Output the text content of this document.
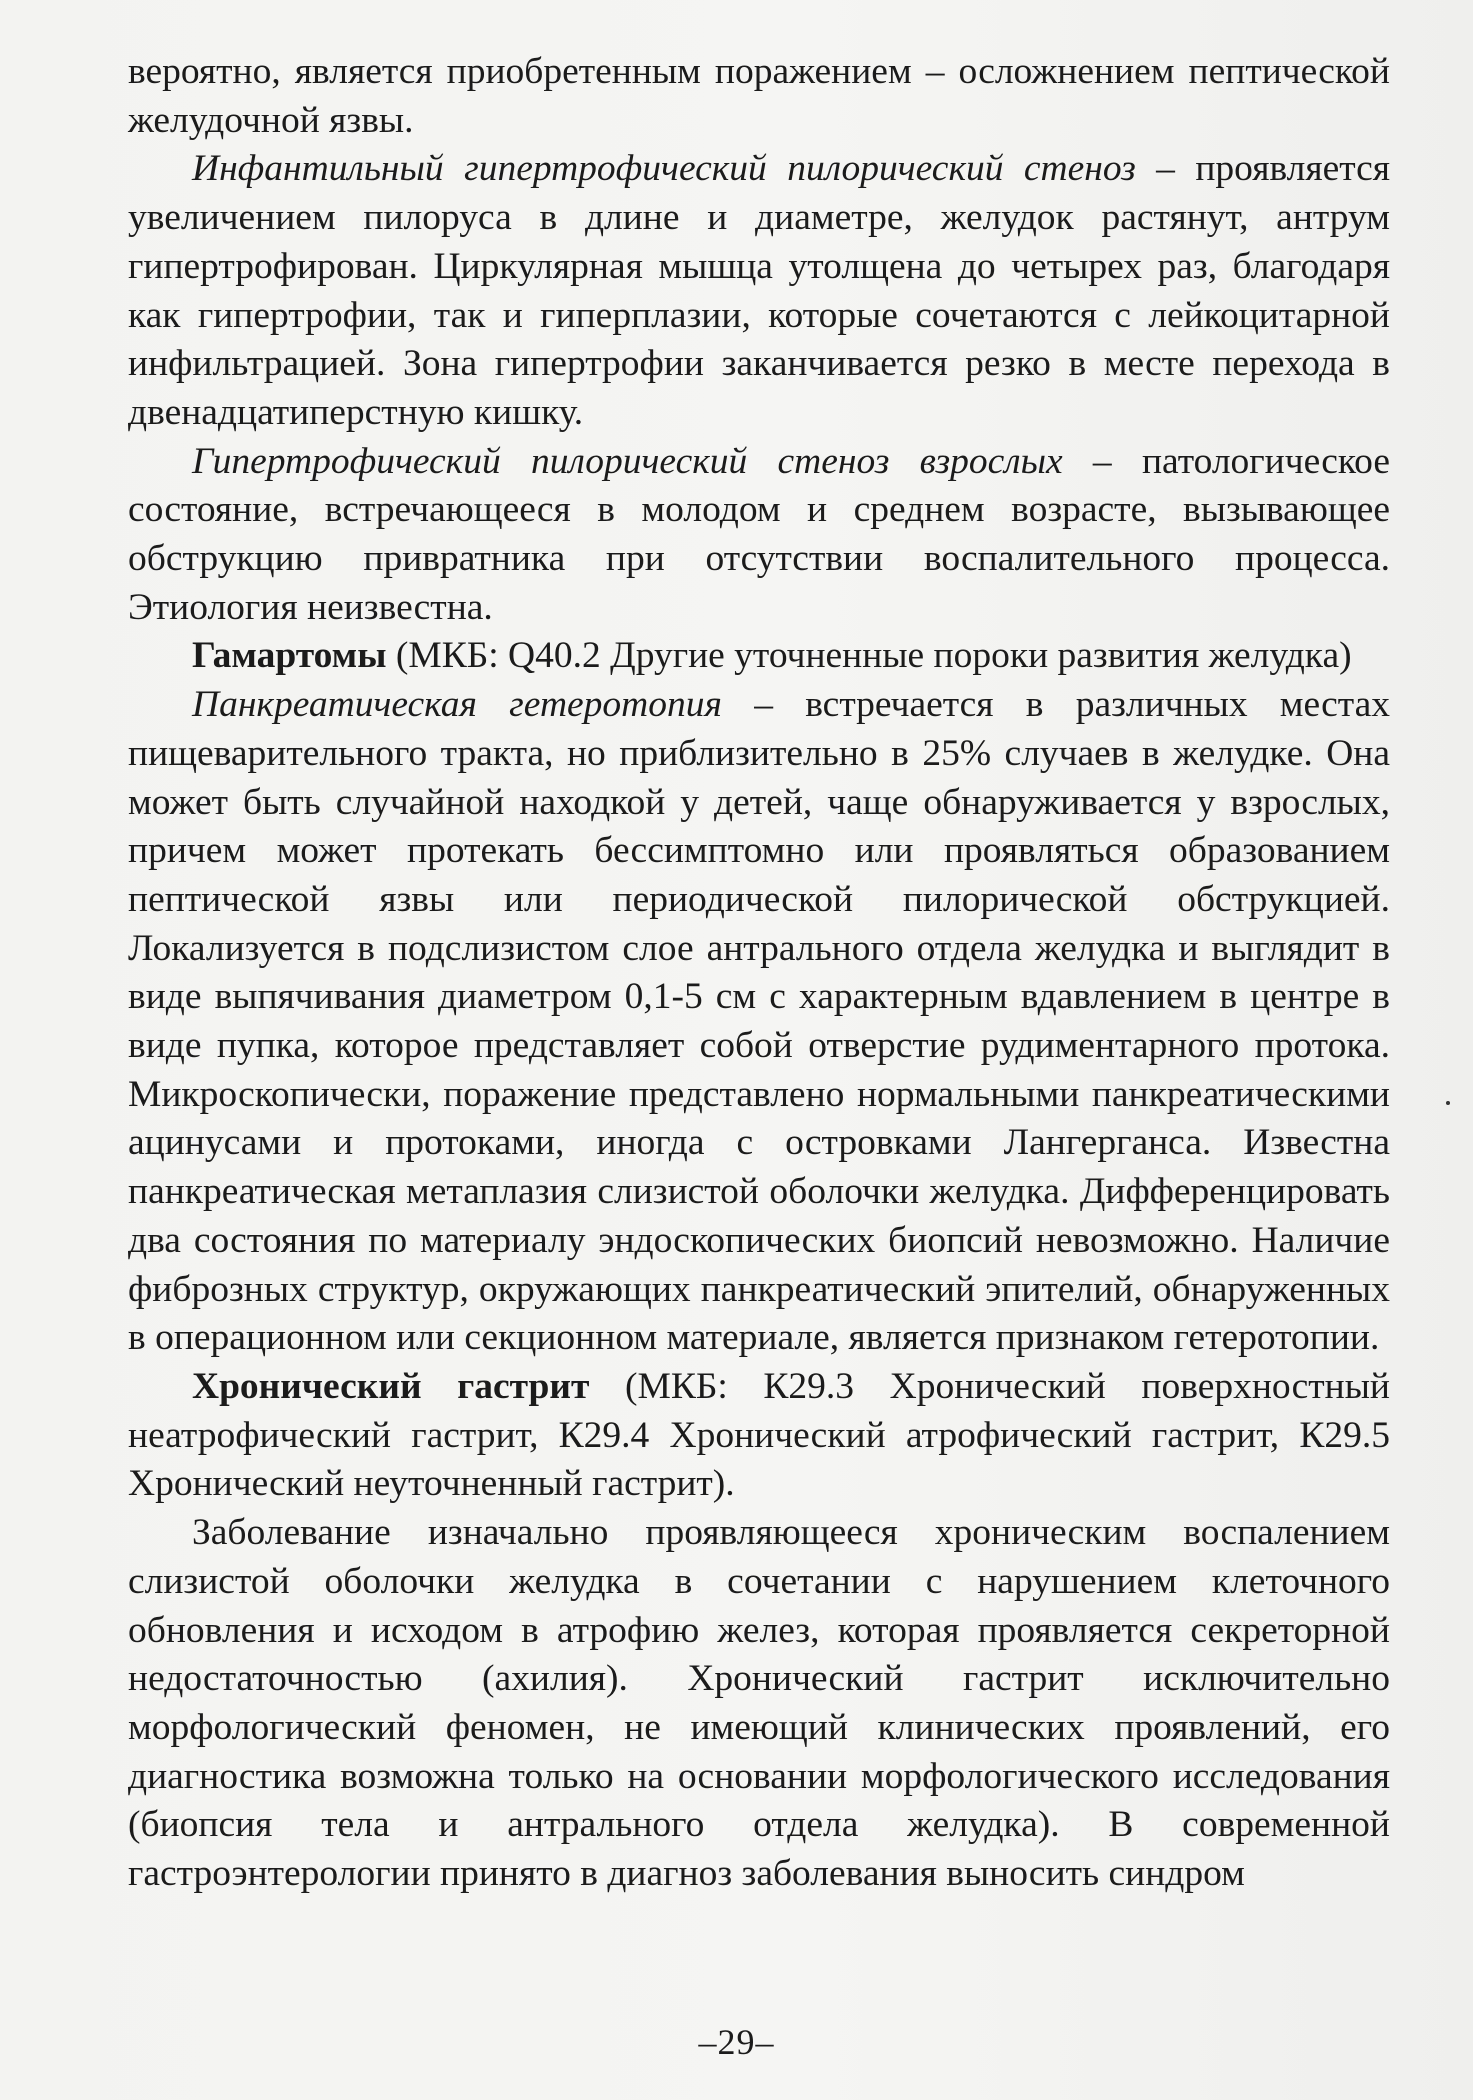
вероятно, является приобретенным поражением – осложнением пептической желудочной язвы.

Инфантильный гипертрофический пилорический стеноз – проявляется увеличением пилоруса в длине и диаметре, желудок растянут, антрум гипертрофирован. Циркулярная мышца утолщена до четырех раз, благодаря как гипертрофии, так и гиперплазии, которые сочетаются с лейкоцитарной инфильтрацией. Зона гипертрофии заканчивается резко в месте перехода в двенадцатиперстную кишку.

Гипертрофический пилорический стеноз взрослых – патологическое состояние, встречающееся в молодом и среднем возрасте, вызывающее обструкцию привратника при отсутствии воспалительного процесса. Этиология неизвестна.

Гамартомы (МКБ: Q40.2 Другие уточненные пороки развития желудка)

Панкреатическая гетеротопия – встречается в различных местах пищеварительного тракта, но приблизительно в 25% случаев в желудке. Она может быть случайной находкой у детей, чаще обнаруживается у взрослых, причем может протекать бессимптомно или проявляться образованием пептической язвы или периодической пилорической обструкцией. Локализуется в подслизистом слое антрального отдела желудка и выглядит в виде выпячивания диаметром 0,1-5 см с характерным вдавлением в центре в виде пупка, которое представляет собой отверстие рудиментарного протока. Микроскопически, поражение представлено нормальными панкреатическими ацинусами и протоками, иногда с островками Лангерганса. Известна панкреатическая метаплазия слизистой оболочки желудка. Дифференцировать два состояния по материалу эндоскопических биопсий невозможно. Наличие фиброзных структур, окружающих панкреатический эпителий, обнаруженных в операционном или секционном материале, является признаком гетеротопии.

Хронический гастрит (МКБ: К29.3 Хронический поверхностный неатрофический гастрит, К29.4 Хронический атрофический гастрит, К29.5 Хронический неуточненный гастрит).

Заболевание изначально проявляющееся хроническим воспалением слизистой оболочки желудка в сочетании с нарушением клеточного обновления и исходом в атрофию желез, которая проявляется секреторной недостаточностью (ахилия). Хронический гастрит исключительно морфологический феномен, не имеющий клинических проявлений, его диагностика возможна только на основании морфологического исследования (биопсия тела и антрального отдела желудка). В современной гастроэнтерологии принято в диагноз заболевания выносить синдром

–29–
